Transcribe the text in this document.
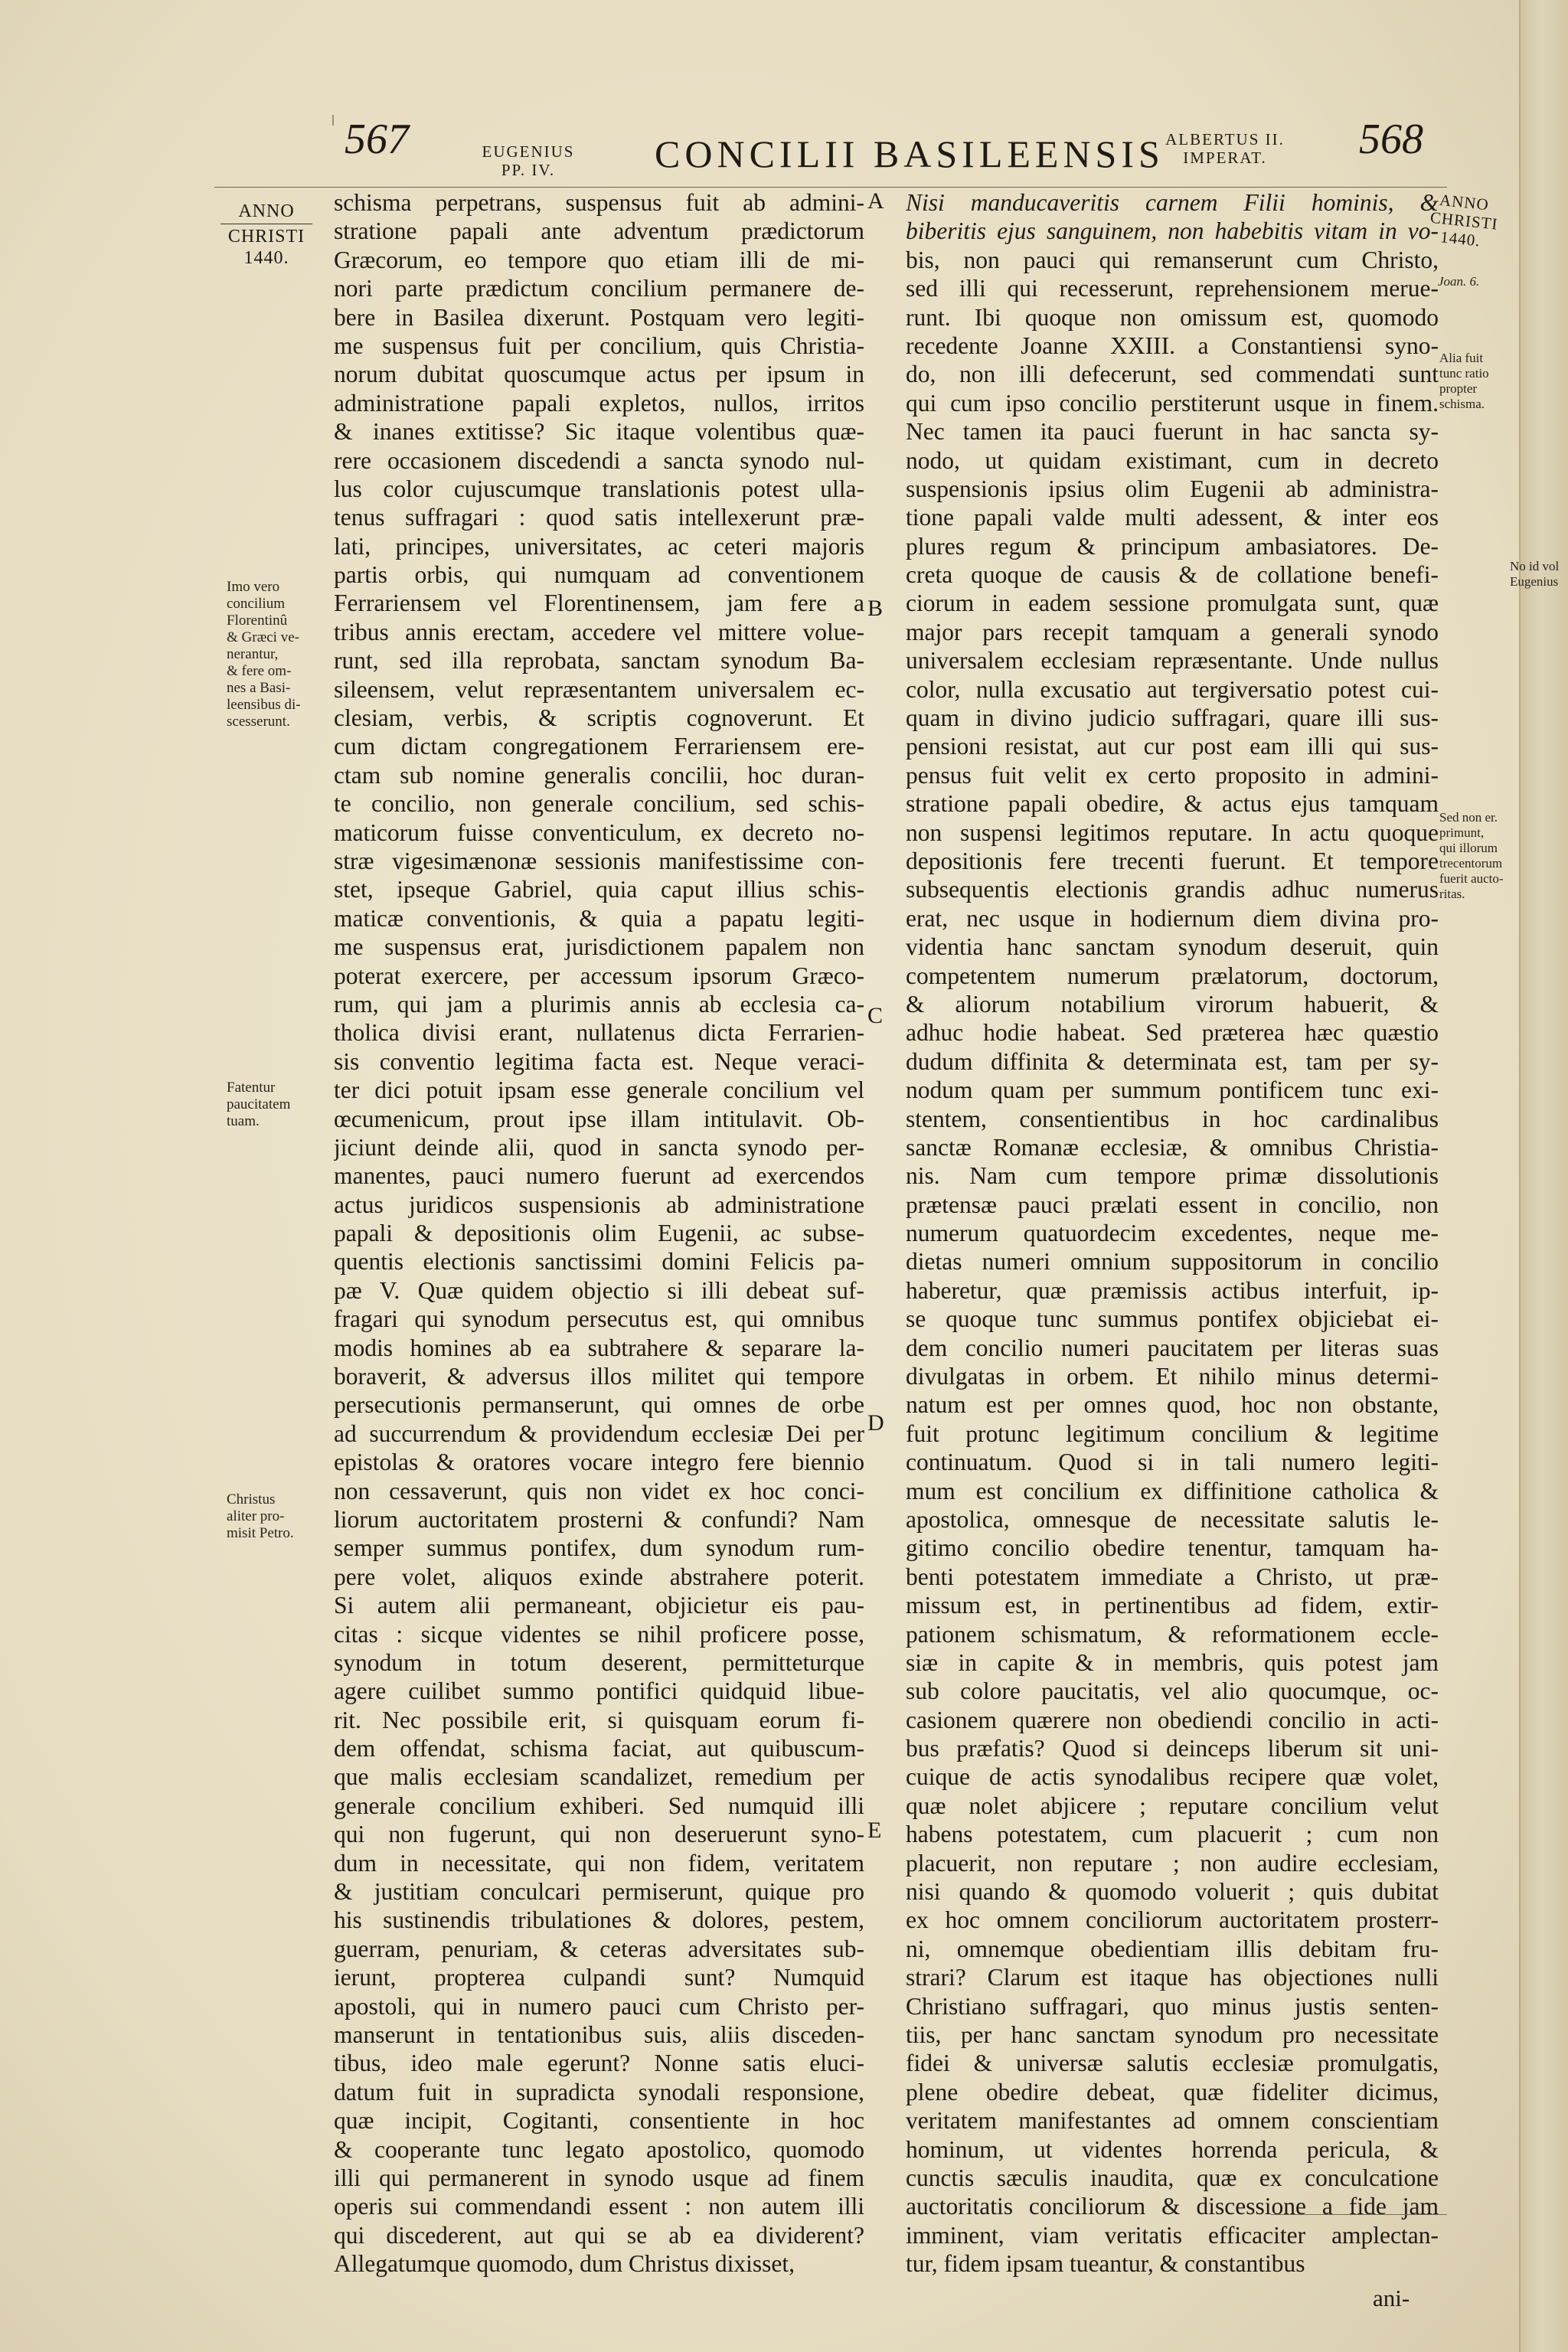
567	EUGENIUS
PP. IV.	CONCILII BASILEENSIS ALBERTUS II.
IMPERAT.	568
ANNO
CHRISTI
1440.
ANNO
CHRISTI
1440.
schisma perpetrans, suspensus fuit ab admini-
stratione papali ante adventum prædictorum
Græcorum, eo tempore quo etiam illi de mi-
nori parte prædictum concilium permanere de-
bere in Basilea dixerunt. Postquam vero legiti-
me suspensus fuit per concilium, quis Christia-
norum dubitat quoscumque actus per ipsum in
administratione papali expletos, nullos, irritos
& inanes extitisse? Sic itaque volentibus quæ-
rere occasionem discedendi a sancta synodo nul-
lus color cujuscumque translationis potest ulla-
tenus suffragari : quod satis intellexerunt præ-
lati, principes, universitates, ac ceteri majoris
partis orbis, qui numquam ad conventionem
Ferrariensem vel Florentinensem, jam fere a
tribus annis erectam, accedere vel mittere volue-
runt, sed illa reprobata, sanctam synodum Ba-
sileensem, velut repræsentantem universalem ec-
clesiam, verbis, & scriptis cognoverunt. Et
cum dictam congregationem Ferrariensem ere-
ctam sub nomine generalis concilii, hoc duran-
te concilio, non generale concilium, sed schis-
maticorum fuisse conventiculum, ex decreto no-
stræ vigesimænonæ sessionis manifestissime con-
stet, ipseque Gabriel, quia caput illius schis-
maticæ conventionis, & quia a papatu legiti-
me suspensus erat, jurisdictionem papalem non
poterat exercere, per accessum ipsorum Græco-
rum, qui jam a plurimis annis ab ecclesia ca-
tholica divisi erant, nullatenus dicta Ferrarien-
sis conventio legitima facta est. Neque veraci-
ter dici potuit ipsam esse generale concilium vel
œcumenicum, prout ipse illam intitulavit. Ob-
jiciunt deinde alii, quod in sancta synodo per-
manentes, pauci numero fuerunt ad exercendos
actus juridicos suspensionis ab administratione
papali & depositionis olim Eugenii, ac subse-
quentis electionis sanctissimi domini Felicis pa-
pæ V. Quæ quidem objectio si illi debeat suf-
fragari qui synodum persecutus est, qui omnibus
modis homines ab ea subtrahere & separare la-
boraverit, & adversus illos militet qui tempore
persecutionis permanserunt, qui omnes de orbe
ad succurrendum & providendum ecclesiæ Dei per
epistolas & oratores vocare integro fere biennio
non cessaverunt, quis non videt ex hoc conci-
liorum auctoritatem prosterni & confundi? Nam
semper summus pontifex, dum synodum rum-
pere volet, aliquos exinde abstrahere poterit.
Si autem alii permaneant, objicietur eis pau-
citas : sicque videntes se nihil proficere posse,
synodum in totum deserent, permitteturque
agere cuilibet summo pontifici quidquid libue-
rit. Nec possibile erit, si quisquam eorum fi-
dem offendat, schisma faciat, aut quibuscum-
que malis ecclesiam scandalizet, remedium per
generale concilium exhiberi. Sed numquid illi
qui non fugerunt, qui non deseruerunt syno-
dum in necessitate, qui non fidem, veritatem
& justitiam conculcari permiserunt, quique pro
his sustinendis tribulationes & dolores, pestem,
guerram, penuriam, & ceteras adversitates sub-
ierunt, propterea culpandi sunt? Numquid
apostoli, qui in numero pauci cum Christo per-
manserunt in tentationibus suis, aliis disceden-
tibus, ideo male egerunt? Nonne satis eluci-
datum fuit in supradicta synodali responsione,
quæ incipit, Cogitanti, consentiente in hoc
& cooperante tunc legato apostolico, quomodo
illi qui permanerent in synodo usque ad finem
operis sui commendandi essent : non autem illi
qui discederent, aut qui se ab ea dividerent?
Allegatumque quomodo, dum Christus dixisset,
Nisi manducaveritis carnem Filii hominis, &
biberitis ejus sanguinem, non habebitis vitam in vo-
bis, non pauci qui remanserunt cum Christo,
sed illi qui recesserunt, reprehensionem merue-
runt. Ibi quoque non omissum est, quomodo
recedente Joanne XXIII. a Constantiensi syno-
do, non illi defecerunt, sed commendati sunt
qui cum ipso concilio perstiterunt usque in finem.
Nec tamen ita pauci fuerunt in hac sancta sy-
nodo, ut quidam existimant, cum in decreto
suspensionis ipsius olim Eugenii ab administra-
tione papali valde multi adessent, & inter eos
plures regum & principum ambasiatores. De-
creta quoque de causis & de collatione benefi-
ciorum in eadem sessione promulgata sunt, quæ
major pars recepit tamquam a generali synodo
universalem ecclesiam repræsentante. Unde nullus
color, nulla excusatio aut tergiversatio potest cui-
quam in divino judicio suffragari, quare illi sus-
pensioni resistat, aut cur post eam illi qui sus-
pensus fuit velit ex certo proposito in admini-
stratione papali obedire, & actus ejus tamquam
non suspensi legitimos reputare. In actu quoque
depositionis fere trecenti fuerunt. Et tempore
subsequentis electionis grandis adhuc numerus
erat, nec usque in hodiernum diem divina pro-
videntia hanc sanctam synodum deseruit, quin
competentem numerum prælatorum, doctorum,
& aliorum notabilium virorum habuerit, &
adhuc hodie habeat. Sed præterea hæc quæstio
dudum diffinita & determinata est, tam per sy-
nodum quam per summum pontificem tunc exi-
stentem, consentientibus in hoc cardinalibus
sanctæ Romanæ ecclesiæ, & omnibus Christia-
nis. Nam cum tempore primæ dissolutionis
prætensæ pauci prælati essent in concilio, non
numerum quatuordecim excedentes, neque me-
dietas numeri omnium suppositorum in concilio
haberetur, quæ præmissis actibus interfuit, ip-
se quoque tunc summus pontifex objiciebat ei-
dem concilio numeri paucitatem per literas suas
divulgatas in orbem. Et nihilo minus determi-
natum est per omnes quod, hoc non obstante,
fuit protunc legitimum concilium & legitime
continuatum. Quod si in tali numero legiti-
mum est concilium ex diffinitione catholica &
apostolica, omnesque de necessitate salutis le-
gitimo concilio obedire tenentur, tamquam ha-
benti potestatem immediate a Christo, ut præ-
missum est, in pertinentibus ad fidem, extir-
pationem schismatum, & reformationem eccle-
siæ in capite & in membris, quis potest jam
sub colore paucitatis, vel alio quocumque, oc-
casionem quærere non obediendi concilio in acti-
bus præfatis? Quod si deinceps liberum sit uni-
cuique de actis synodalibus recipere quæ volet,
quæ nolet abjicere ; reputare concilium velut
habens potestatem, cum placuerit ; cum non
placuerit, non reputare ; non audire ecclesiam,
nisi quando & quomodo voluerit ; quis dubitat
ex hoc omnem conciliorum auctoritatem prosterr-
ni, omnemque obedientiam illis debitam fru-
strari? Clarum est itaque has objectiones nulli
Christiano suffragari, quo minus justis senten-
tiis, per hanc sanctam synodum pro necessitate
fidei & universæ salutis ecclesiæ promulgatis,
plene obedire debeat, quæ fideliter dicimus,
veritatem manifestantes ad omnem conscientiam
hominum, ut videntes horrenda pericula, &
cunctis sæculis inaudita, quæ ex conculcatione
auctoritatis conciliorum & discessione a fide jam
imminent, viam veritatis efficaciter amplectan-
tur, fidem ipsam tueantur, & constantibus
A
B
C
D
E
Imo vero
concilium
Florentinû
& Græci ve-
nerantur,
& fere om-
nes a Basi-
leensibus di-
scesserunt.
Fatentur
paucitatem
tuam.
Christus
aliter pro-
misit Petro.
Joan. 6.
Alia fuit
tunc ratio
propter
schisma.
Sed non er.
primunt,
qui illorum
trecentorum
fuerit aucto-
ritas.
No id vol
Eugenius
ani-
